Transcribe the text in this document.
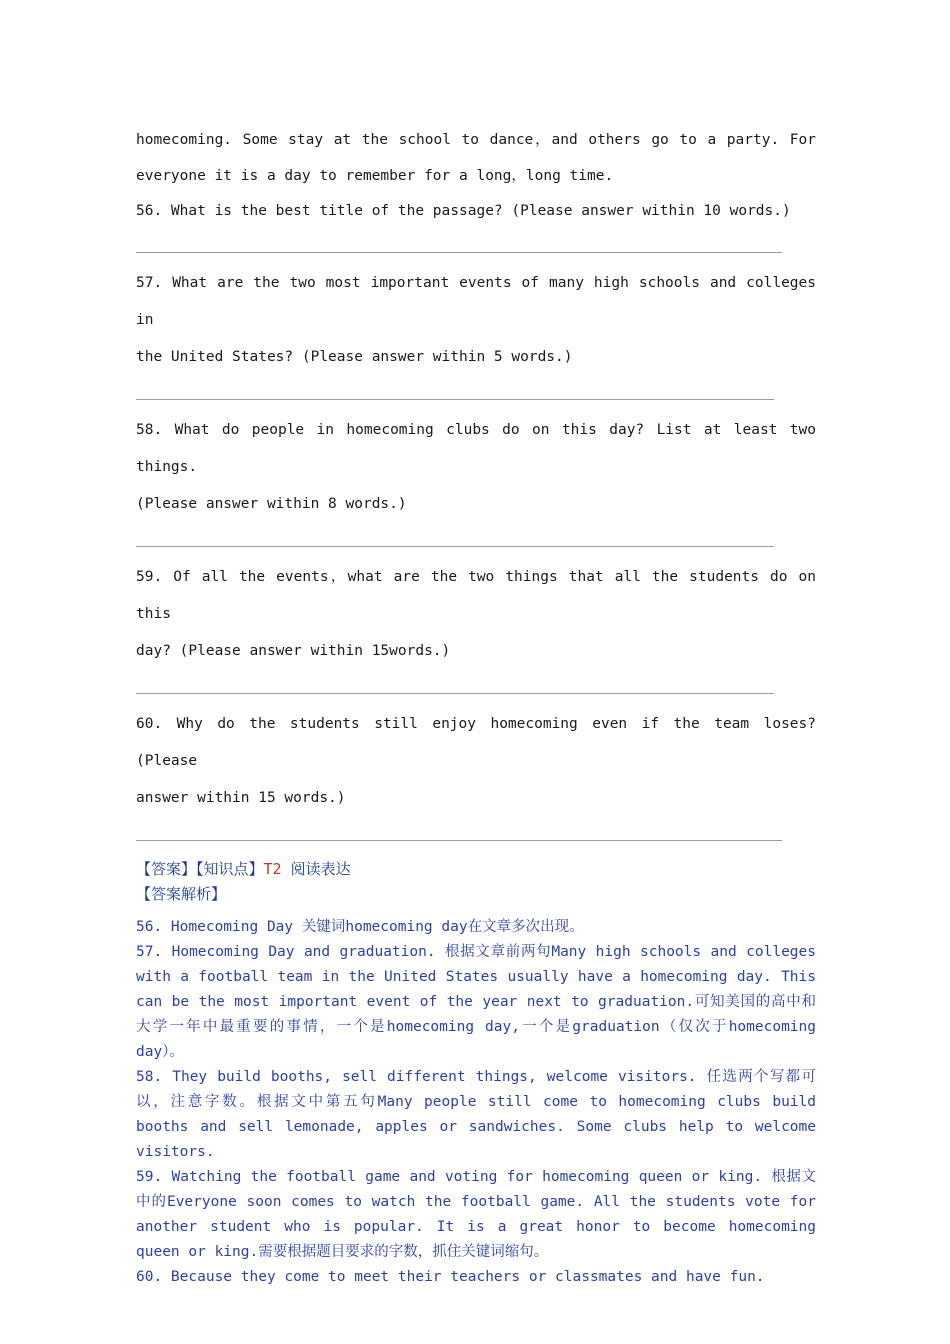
homecoming. Some stay at the school to dance，and others go to a party. For

everyone it is a day to remember for a long，long time.

56. What is the best title of the passage? (Please answer within 10 words.)

57. What are the two most important events of many high schools and colleges in

the United States? (Please answer within 5 words.)

58. What do people in homecoming clubs do on this day? List at least two things.

(Please answer within 8 words.)

59. Of all the events，what are the two things that all the students do on this

day? (Please answer within 15words.)

60. Why do the students still enjoy homecoming even if the team loses? (Please

answer within 15 words.)

【答案】【知识点】T2 阅读表达

【答案解析】

56. Homecoming Day 关键词homecoming day在文章多次出现。

57. Homecoming Day and graduation. 根据文章前两句Many high schools and colleges with a football team in the United States usually have a homecoming day. This can be the most important event of the year next to graduation.可知美国的高中和大学一年中最重要的事情，一个是homecoming day,一个是graduation（仅次于homecoming day）。

58. They build booths, sell different things, welcome visitors. 任选两个写都可以，注意字数。根据文中第五句Many people still come to homecoming clubs build booths and sell lemonade, apples or sandwiches. Some clubs help to welcome visitors.

59. Watching the football game and voting for homecoming queen or king. 根据文中的Everyone soon comes to watch the football game. All the students vote for another student who is popular. It is a great honor to become homecoming queen or king.需要根据题目要求的字数，抓住关键词缩句。

60. Because they come to meet their teachers or classmates and have fun.
